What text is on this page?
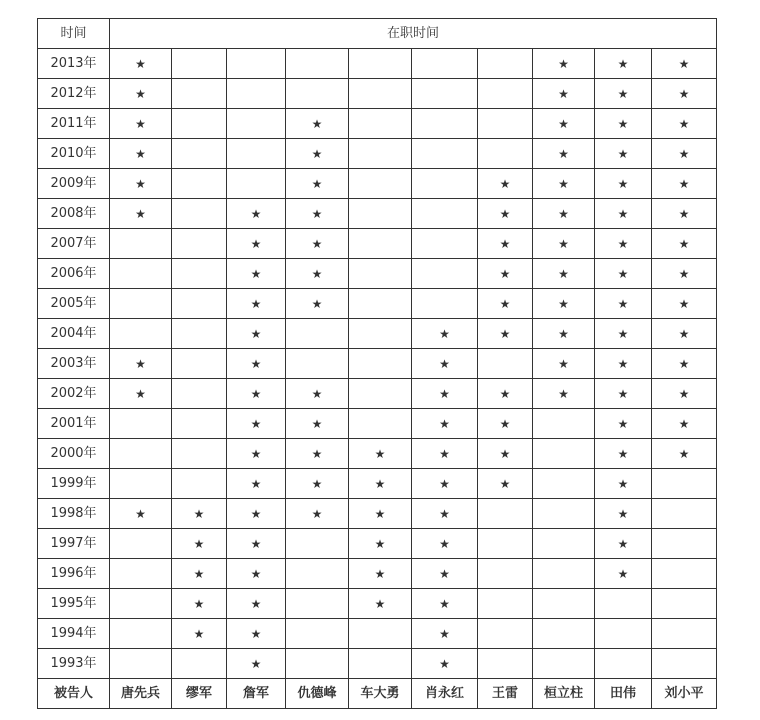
时间	在职时间									
2013年	★							★	★	★
2012年	★							★	★	★
2011年	★			★				★	★	★
2010年	★			★				★	★	★
2009年	★			★			★	★	★	★
2008年	★		★	★			★	★	★	★
2007年			★	★			★	★	★	★
2006年			★	★			★	★	★	★
2005年			★	★			★	★	★	★
2004年			★			★	★	★	★	★
2003年	★		★			★		★	★	★
2002年	★		★	★		★	★	★	★	★
2001年			★	★		★	★		★	★
2000年			★	★	★	★	★		★	★
1999年			★	★	★	★	★		★	
1998年	★	★	★	★	★	★			★	
1997年		★	★		★	★			★	
1996年		★	★		★	★			★	
1995年		★	★		★	★				
1994年		★	★			★				
1993年			★			★				
被告人	唐先兵	缪军	詹军	仇德峰	车大勇	肖永红	王雷	桓立柱	田伟	刘小平
